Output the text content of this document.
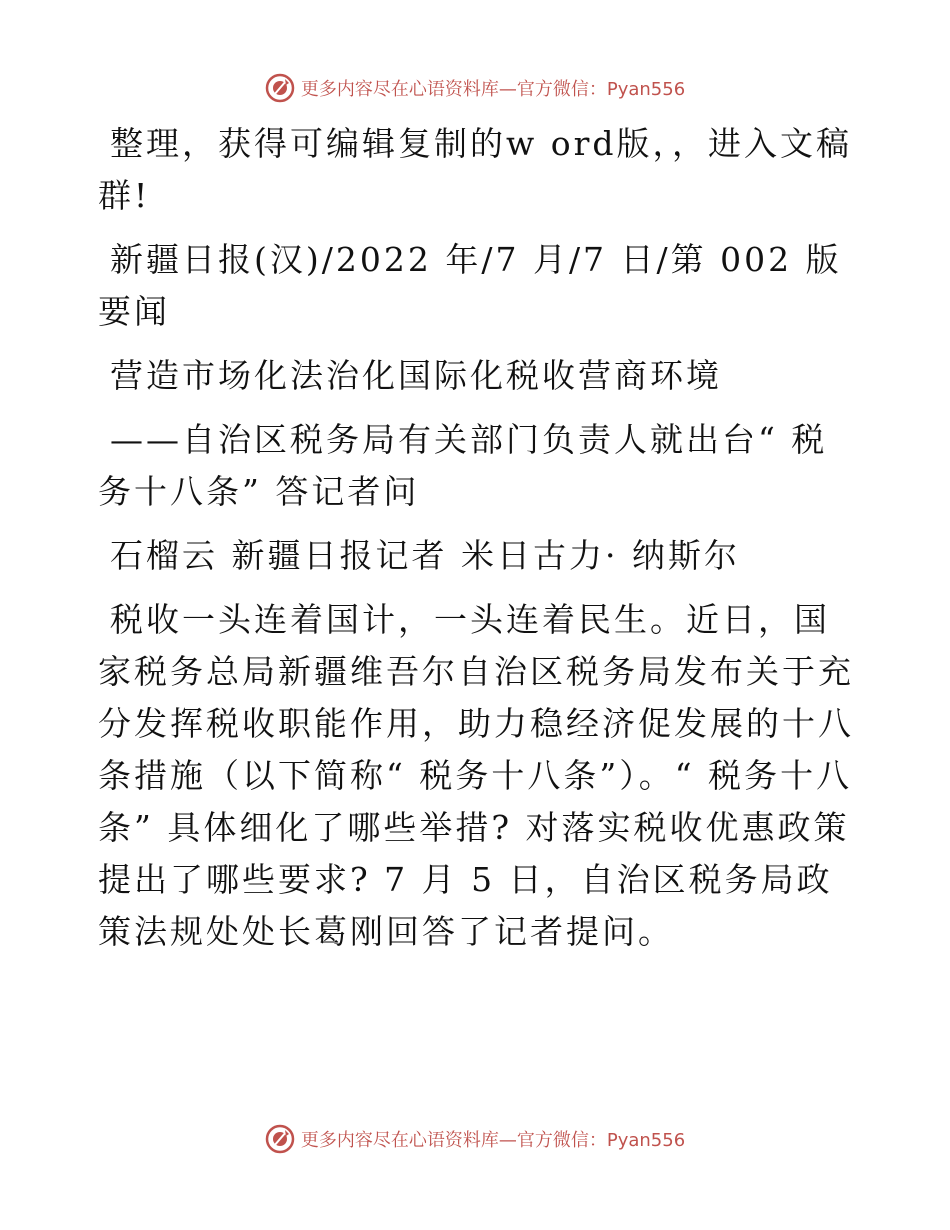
更多内容尽在心语资料库—官方微信：Pyan556

整理，获得可编辑复制的w ord版，，进入文稿群!

新疆日报(汉)/2022 年/7 月/7 日/第 002 版要闻

营造市场化法治化国际化税收营商环境

——自治区税务局有关部门负责人就出台“ 税务十八条” 答记者问

石榴云 新疆日报记者 米日古力· 纳斯尔

税收一头连着国计，一头连着民生。近日，国家税务总局新疆维吾尔自治区税务局发布关于充分发挥税收职能作用，助力稳经济促发展的十八条措施（以下简称“ 税务十八条”）。“ 税务十八条” 具体细化了哪些举措? 对落实税收优惠政策提出了哪些要求? 7 月 5 日，自治区税务局政策法规处处长葛刚回答了记者提问。

更多内容尽在心语资料库—官方微信：Pyan556
